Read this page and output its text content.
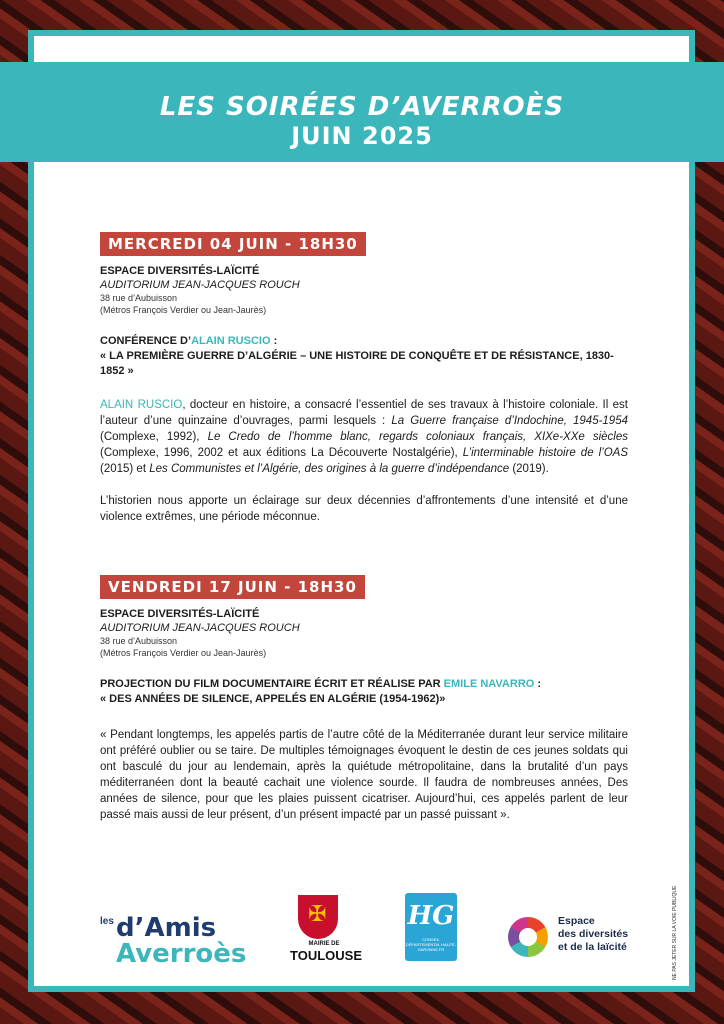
LES SOIRÉES D’AVERROÈS
JUIN 2025
MERCREDI 04 JUIN - 18H30
ESPACE DIVERSITÉS-LAÏCITÉ
AUDITORIUM JEAN-JACQUES ROUCH
38 rue d’Aubuisson
(Métros François Verdier ou Jean-Jaurès)
CONFÉRENCE D’ALAIN RUSCIO :
« LA PREMIÈRE GUERRE D’ALGÉRIE – UNE HISTOIRE DE CONQUÊTE ET DE RÉSISTANCE, 1830-1852 »
ALAIN RUSCIO, docteur en histoire, a consacré l’essentiel de ses travaux à l’histoire coloniale. Il est l’auteur d’une quinzaine d’ouvrages, parmi lesquels : La Guerre française d’Indochine, 1945-1954 (Complexe, 1992), Le Credo de l’homme blanc, regards coloniaux français, XIXe-XXe siècles (Complexe, 1996, 2002 et aux éditions La Découverte Nostalgérie), L’interminable histoire de l’OAS (2015) et Les Communistes et l’Algérie, des origines à la guerre d’indépendance (2019).
L’historien nous apporte un éclairage sur deux décennies d’affrontements d’une intensité et d’une violence extrêmes, une période méconnue.
VENDREDI 17 JUIN - 18H30
ESPACE DIVERSITÉS-LAÏCITÉ
AUDITORIUM JEAN-JACQUES ROUCH
38 rue d’Aubuisson
(Métros François Verdier ou Jean-Jaurès)
PROJECTION DU FILM DOCUMENTAIRE ÉCRIT ET RÉALISE PAR EMILE NAVARRO :
« DES ANNÉES DE SILENCE, APPELÉS EN ALGÉRIE (1954-1962)»
« Pendant longtemps, les appelés partis de l’autre côté de la Méditerranée durant leur service militaire ont préféré oublier ou se taire. De multiples témoignages évoquent le destin de ces jeunes soldats qui ont basculé du jour au lendemain, après la quiétude métropolitaine, dans la brutalité d’un pays méditerranéen dont la beauté cachait une violence sourde. Il faudra de nombreuses années, Des années de silence, pour que les plaies puissent cicatriser. Aujourd’hui, ces appelés parlent de leur passé mais aussi de leur présent, d’un présent impacté par un passé puissant ».
NE PAS JETER SUR LA VOIE PUBLIQUE
les d’Amis
Averroès
✠
MAIRIE DE
TOULOUSE
HG
CONSEIL DÉPARTEMENTAL HAUTE-GARONNE.FR
Espace
des diversités
et de la laïcité
